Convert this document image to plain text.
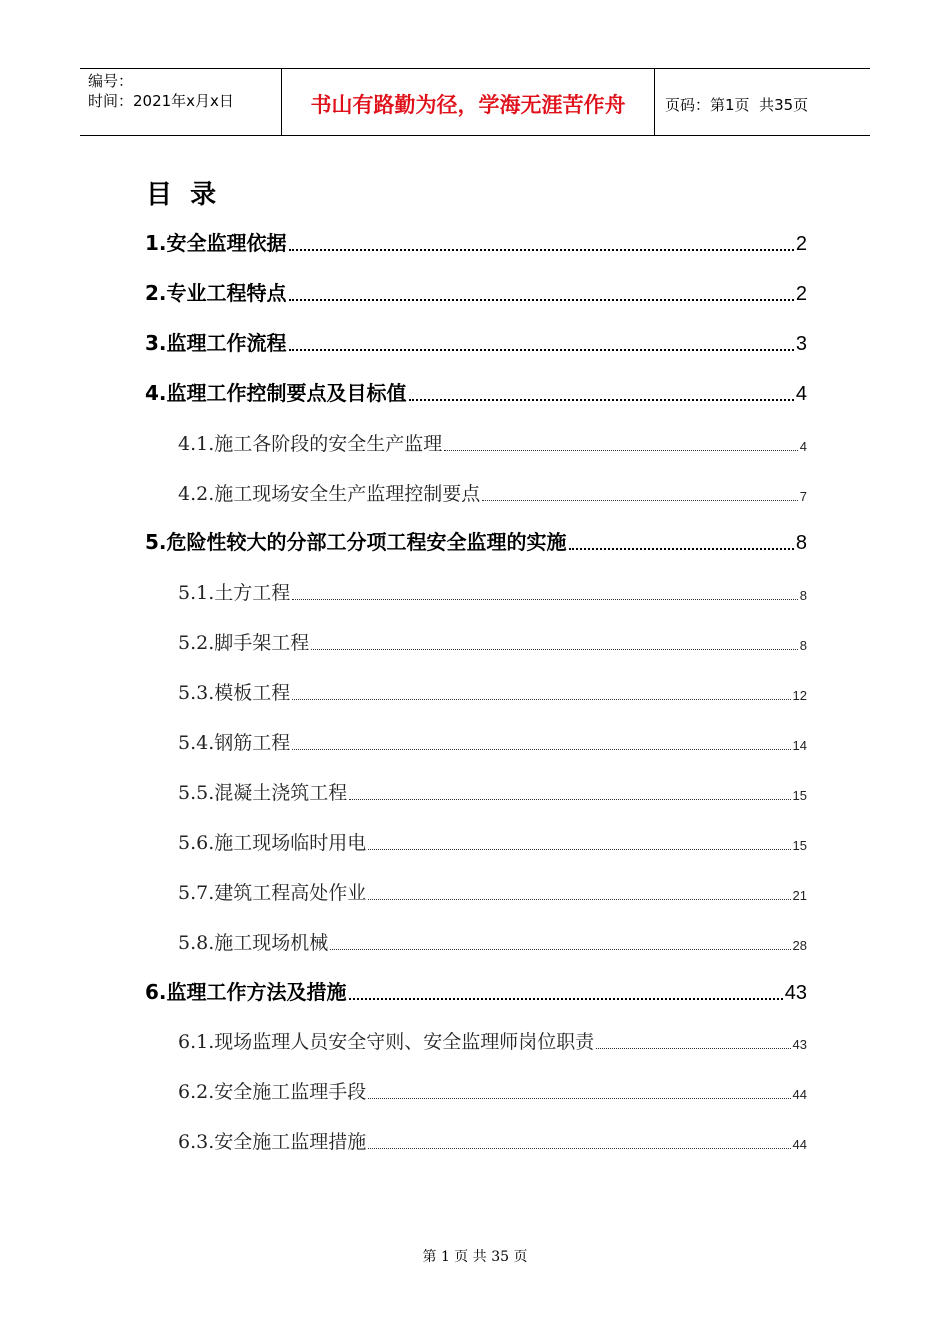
编号：
时间：2021年x月x日	书山有路勤为径，学海无涯苦作舟	页码：第1页  共35页
目  录
1.安全监理依据	2
2.专业工程特点	2
3.监理工作流程	3
4.监理工作控制要点及目标值	4
4.1.施工各阶段的安全生产监理	4
4.2.施工现场安全生产监理控制要点	7
5.危险性较大的分部工分项工程安全监理的实施	8
5.1.土方工程	8
5.2.脚手架工程	8
5.3.模板工程	12
5.4.钢筋工程	14
5.5.混凝土浇筑工程	15
5.6.施工现场临时用电	15
5.7.建筑工程高处作业	21
5.8.施工现场机械	28
6.监理工作方法及措施	43
6.1.现场监理人员安全守则、安全监理师岗位职责	43
6.2.安全施工监理手段	44
6.3.安全施工监理措施	44
第 1 页 共 35 页
